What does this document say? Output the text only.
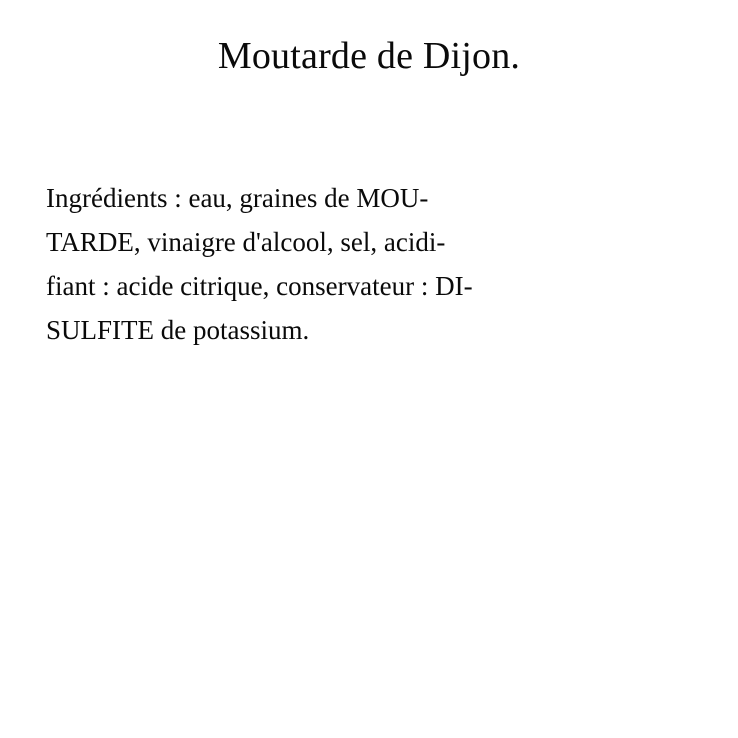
Moutarde de Dijon.

Ingrédients : eau, graines de MOU-
TARDE, vinaigre d'alcool, sel, acidi-
fiant : acide citrique, conservateur : DI-
SULFITE de potassium.
